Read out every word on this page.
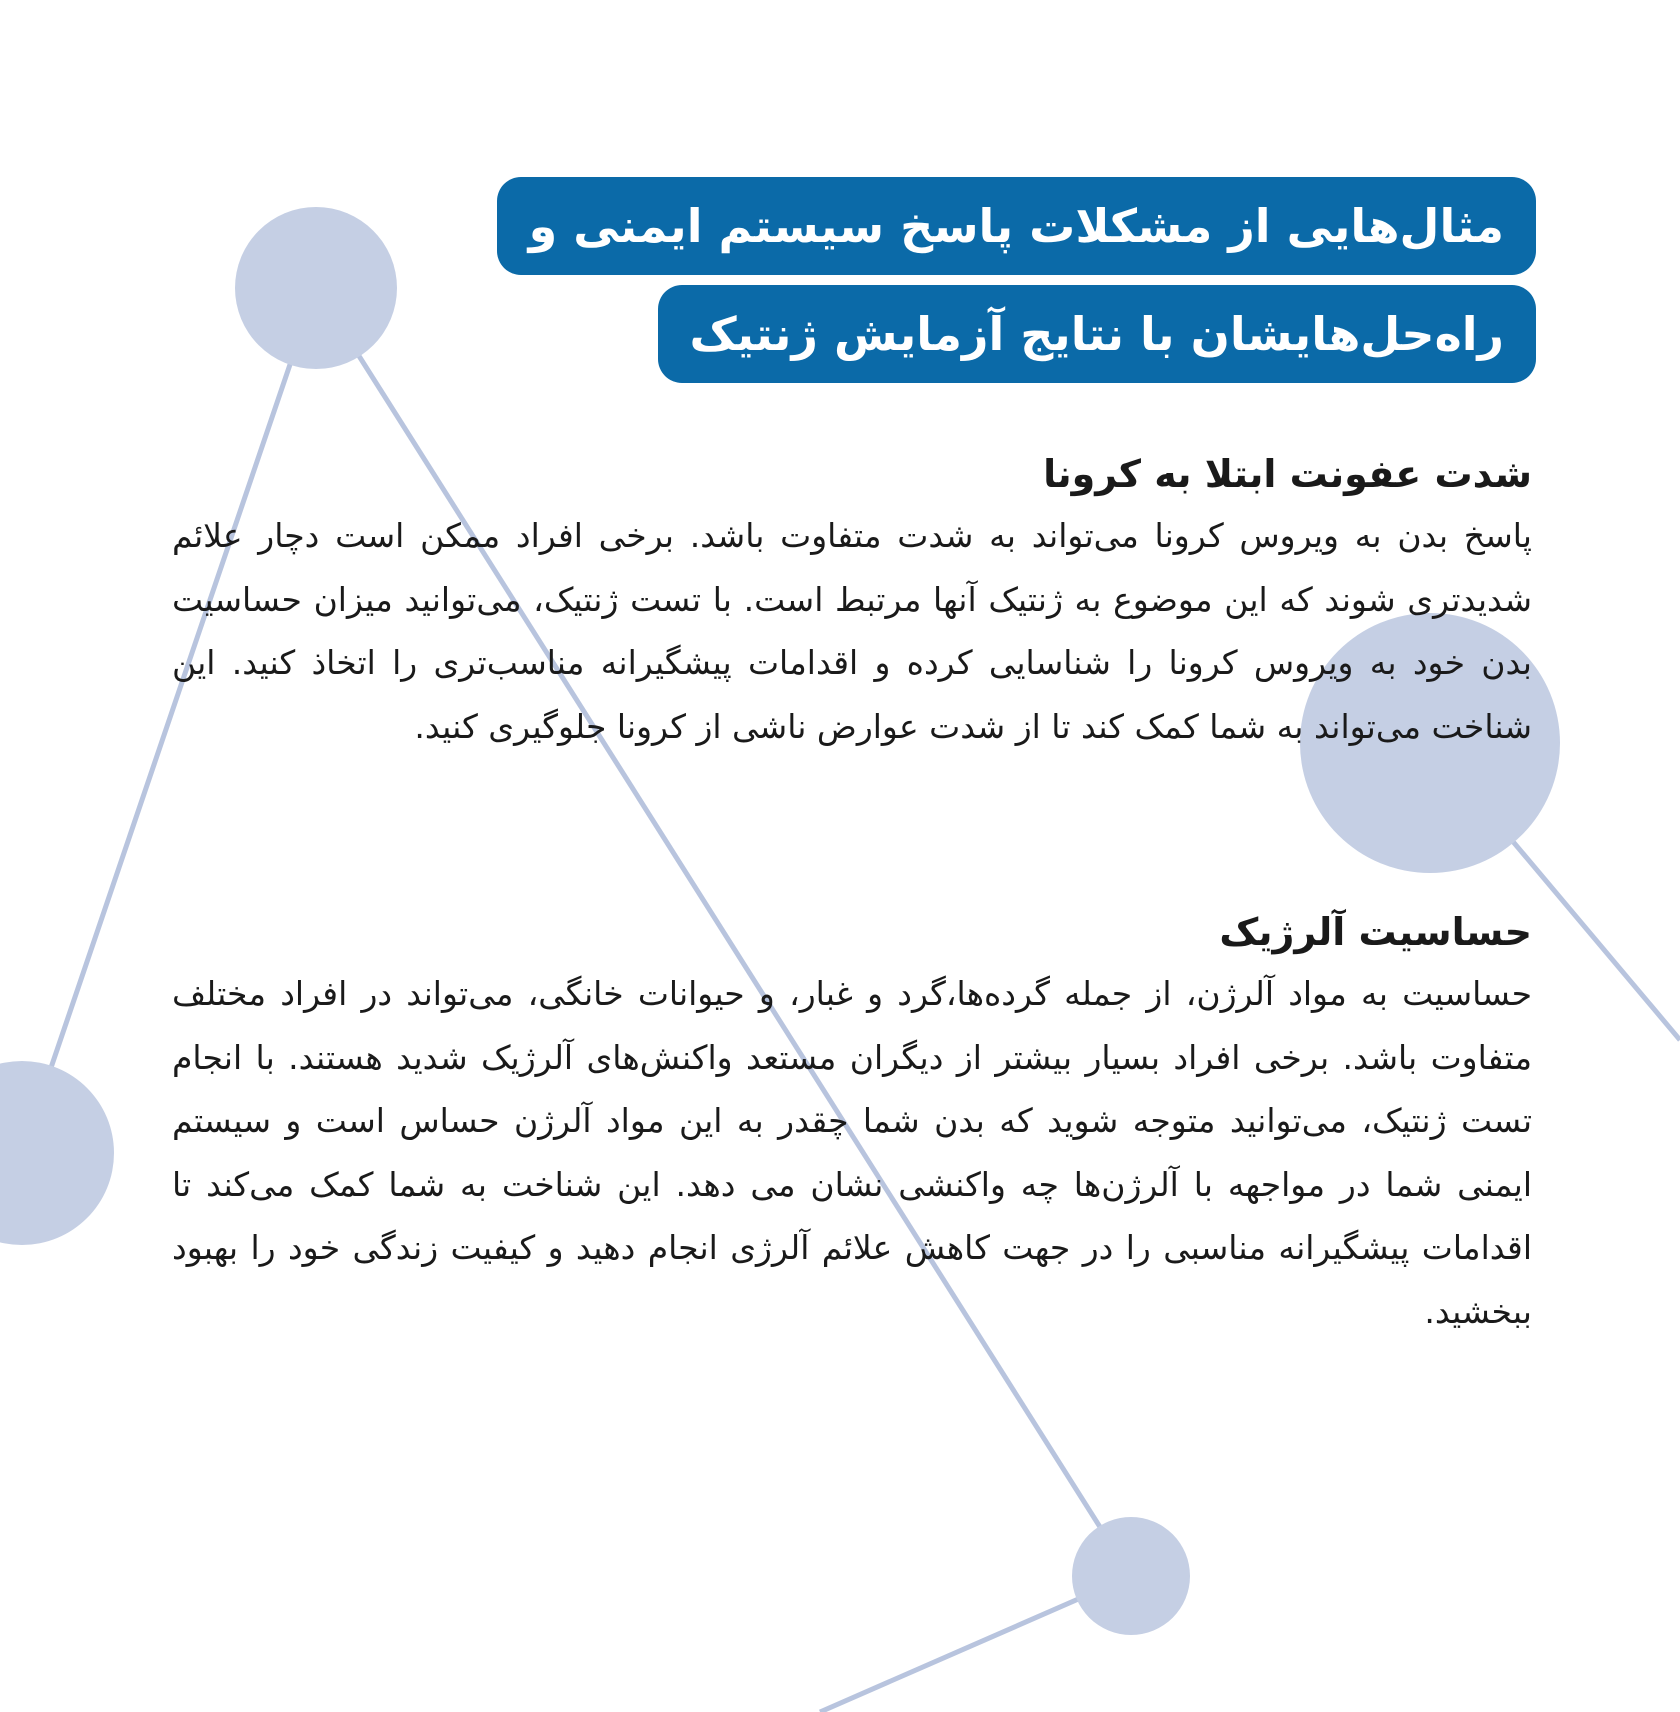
مثال‌هایی از مشکلات پاسخ سیستم ایمنی و
راه‌حل‌هایشان با نتایج آزمایش ژنتیک
شدت عفونت ابتلا به کرونا

پاسخ بدن به ویروس کرونا می‌تواند به شدت متفاوت باشد. برخی افراد ممکن است دچار علائم شدیدتری شوند که این موضوع به ژنتیک آنها مرتبط است. با تست ژنتیک، می‌توانید میزان حساسیت بدن خود به ویروس کرونا را شناسایی کرده و اقدامات پیشگیرانه مناسب‌تری را اتخاذ کنید. این شناخت می‌تواند به شما کمک کند تا از شدت عوارض ناشی از کرونا جلوگیری کنید.

حساسیت آلرژیک

حساسیت به مواد آلرژن، از جمله گرده‌ها،گرد و غبار، و حیوانات خانگی، می‌تواند در افراد مختلف متفاوت باشد. برخی افراد بسیار بیشتر از دیگران مستعد واکنش‌های آلرژیک شدید هستند. با انجام تست ژنتیک، می‌توانید متوجه شوید که بدن شما چقدر به این مواد آلرژن حساس است و سیستم ایمنی شما در مواجهه با آلرژن‌ها چه واکنشی نشان می دهد. این شناخت به شما کمک می‌کند تا اقدامات پیشگیرانه مناسبی را در جهت کاهش علائم آلرژی انجام دهید و کیفیت زندگی خود را بهبود ببخشید.
